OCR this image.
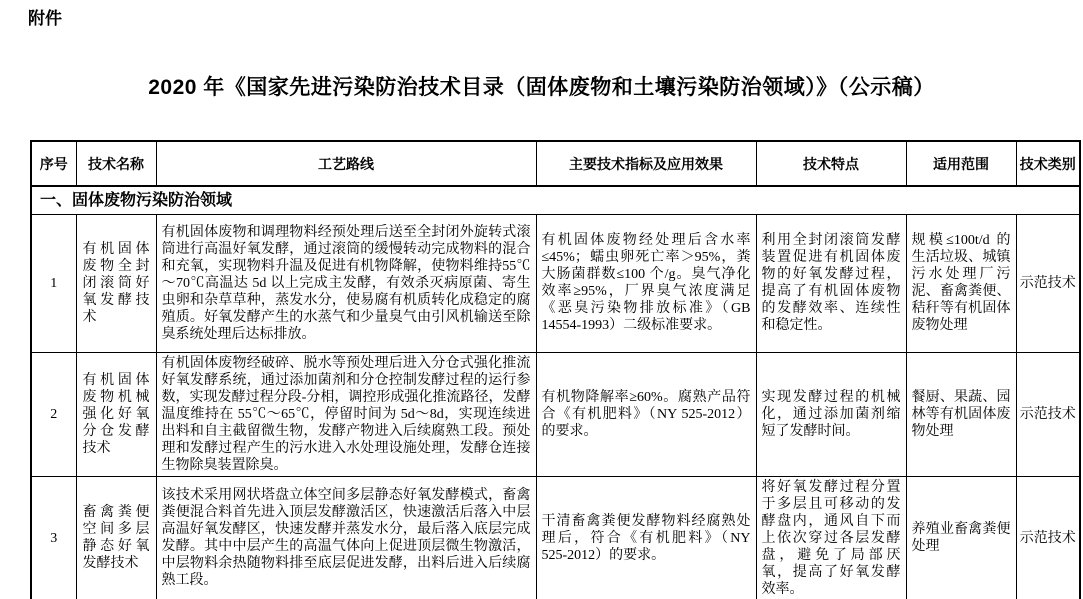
附件
2020 年《国家先进污染防治技术目录（固体废物和土壤污染防治领域）》（公示稿）
序号	技术名称	工艺路线	主要技术指标及应用效果	技术特点	适用范围	技术类别
一、固体废物污染防治领域						
1	有机固体废物全封闭滚筒好氧发酵技术	有机固体废物和调理物料经预处理后送至全封闭外旋转式滚筒进行高温好氧发酵，通过滚筒的缓慢转动完成物料的混合和充氧，实现物料升温及促进有机物降解，使物料维持55℃～70℃高温达 5d 以上完成主发酵，有效杀灭病原菌、寄生虫卵和杂草草种，蒸发水分，使易腐有机质转化成稳定的腐殖质。好氧发酵产生的水蒸气和少量臭气由引风机输送至除臭系统处理后达标排放。	有机固体废物经处理后含水率≤45%；蠕虫卵死亡率＞95%，粪大肠菌群数≤100 个/g。臭气净化效率≥95%，厂界臭气浓度满足《恶臭污染物排放标准》（GB 14554-1993）二级标准要求。	利用全封闭滚筒发酵装置促进有机固体废物的好氧发酵过程，提高了有机固体废物的发酵效率、连续性和稳定性。	规模≤100t/d 的生活垃圾、城镇污水处理厂污泥、畜禽粪便、秸秆等有机固体废物处理	示范技术
2	有机固体废物机械强化好氧分仓发酵技术	有机固体废物经破碎、脱水等预处理后进入分仓式强化推流好氧发酵系统，通过添加菌剂和分仓控制发酵过程的运行参数，实现发酵过程分段-分相，调控形成强化推流路径，发酵温度维持在 55℃～65℃，停留时间为 5d～8d，实现连续进出料和自主截留微生物，发酵产物进入后续腐熟工段。预处理和发酵过程产生的污水进入水处理设施处理，发酵仓连接生物除臭装置除臭。	有机物降解率≥60%。腐熟产品符合《有机肥料》（NY 525-2012）的要求。	实现发酵过程的机械化，通过添加菌剂缩短了发酵时间。	餐厨、果蔬、园林等有机固体废物处理	示范技术
3	畜禽粪便空间多层静态好氧发酵技术	该技术采用网状塔盘立体空间多层静态好氧发酵模式，畜禽粪便混合料首先进入顶层发酵激活区，快速激活后落入中层高温好氧发酵区，快速发酵并蒸发水分，最后落入底层完成发酵。其中中层产生的高温气体向上促进顶层微生物激活，中层物料余热随物料排至底层促进发酵，出料后进入后续腐熟工段。	干清畜禽粪便发酵物料经腐熟处理后，符合《有机肥料》（NY 525-2012）的要求。	将好氧发酵过程分置于多层且可移动的发酵盘内，通风自下而上依次穿过各层发酵盘，避免了局部厌氧，提高了好氧发酵效率。	养殖业畜禽粪便处理	示范技术
